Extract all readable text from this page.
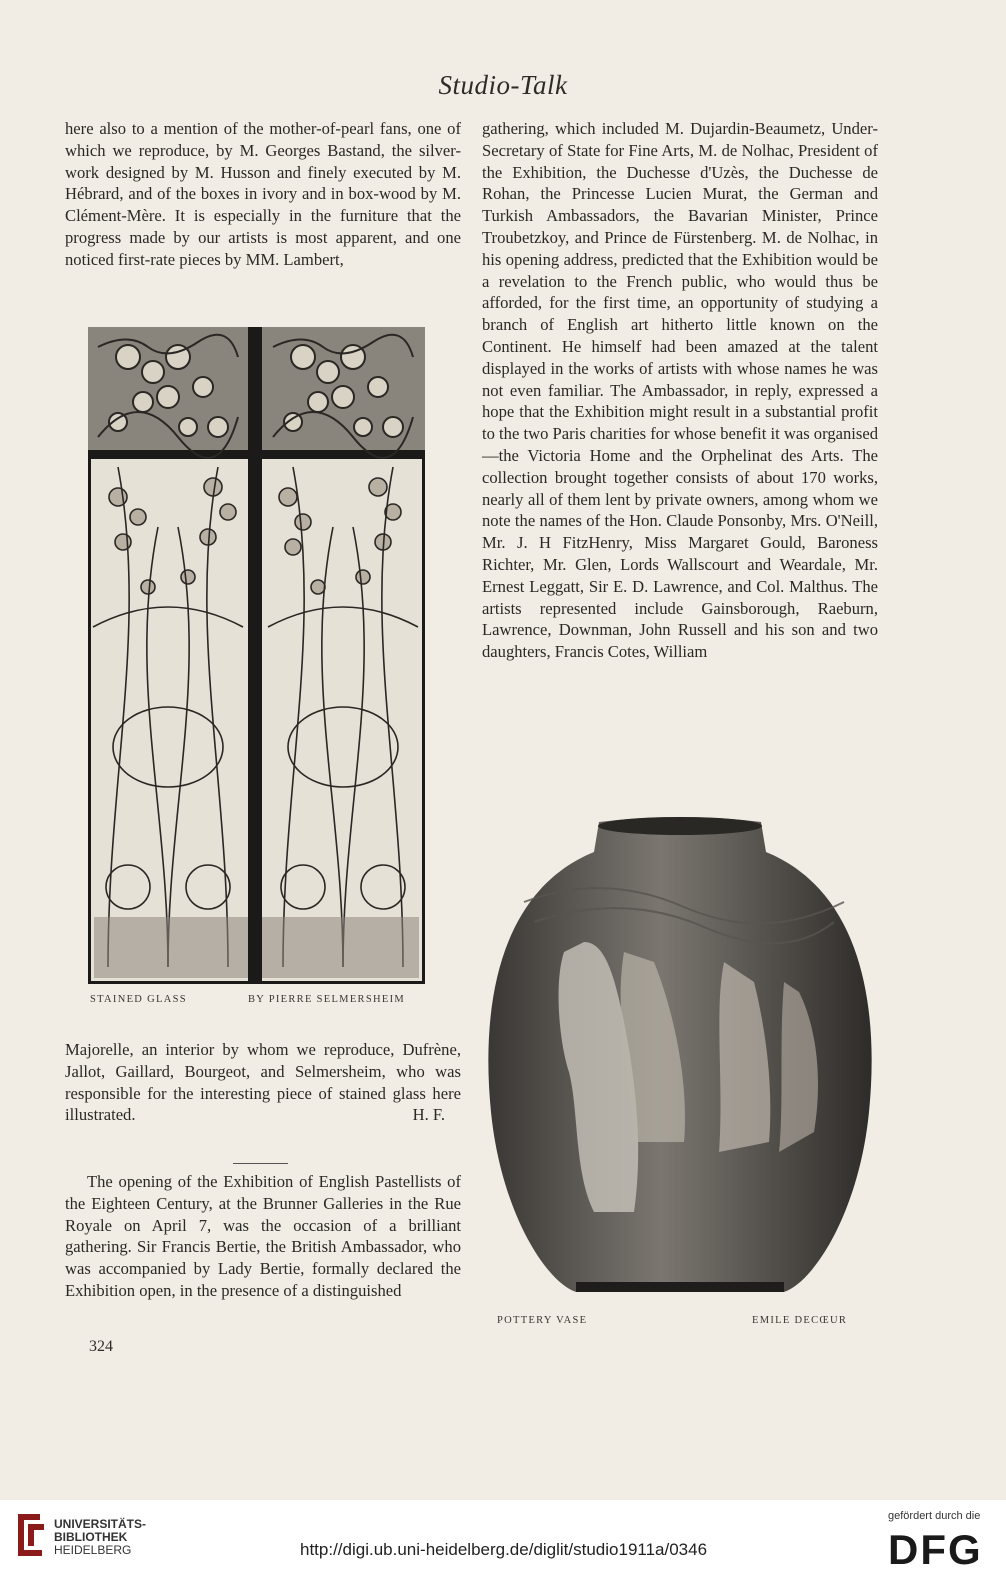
Studio-Talk

here also to a mention of the mother-of-pearl fans, one of which we reproduce, by M. Georges Bastand, the silver-work designed by M. Husson and finely executed by M. Hébrard, and of the boxes in ivory and in box-wood by M. Clément-Mère. It is especially in the furniture that the progress made by our artists is most apparent, and one noticed first-rate pieces by MM. Lambert,

STAINED GLASS	BY PIERRE SELMERSHEIM

Majorelle, an interior by whom we reproduce, Dufrène, Jallot, Gaillard, Bourgeot, and Selmersheim, who was responsible for the interesting piece of stained glass here illustrated.	H. F.

The opening of the Exhibition of English Pastellists of the Eighteen Century, at the Brunner Galleries in the Rue Royale on April 7, was the occasion of a brilliant gathering. Sir Francis Bertie, the British Ambassador, who was accompanied by Lady Bertie, formally declared the Exhibition open, in the presence of a distinguished

324

gathering, which included M. Dujardin-Beaumetz, Under-Secretary of State for Fine Arts, M. de Nolhac, President of the Exhibition, the Duchesse d'Uzès, the Duchesse de Rohan, the Princesse Lucien Murat, the German and Turkish Ambassadors, the Bavarian Minister, Prince Troubetzkoy, and Prince de Fürstenberg. M. de Nolhac, in his opening address, predicted that the Exhibition would be a revelation to the French public, who would thus be afforded, for the first time, an opportunity of studying a branch of English art hitherto little known on the Continent. He himself had been amazed at the talent displayed in the works of artists with whose names he was not even familiar. The Ambassador, in reply, expressed a hope that the Exhibition might result in a substantial profit to the two Paris charities for whose benefit it was organised—the Victoria Home and the Orphelinat des Arts. The collection brought together consists of about 170 works, nearly all of them lent by private owners, among whom we note the names of the Hon. Claude Ponsonby, Mrs. O'Neill, Mr. J. H FitzHenry, Miss Margaret Gould, Baroness Richter, Mr. Glen, Lords Wallscourt and Weardale, Mr. Ernest Leggatt, Sir E. D. Lawrence, and Col. Malthus. The artists represented include Gainsborough, Raeburn, Lawrence, Downman, John Russell and his son and two daughters, Francis Cotes, William

POTTERY VASE	EMILE DECŒUR
UNIVERSITÄTS-
BIBLIOTHEK
HEIDELBERG	http://digi.ub.uni-heidelberg.de/diglit/studio1911a/0346
gefördert durch die
DFG
